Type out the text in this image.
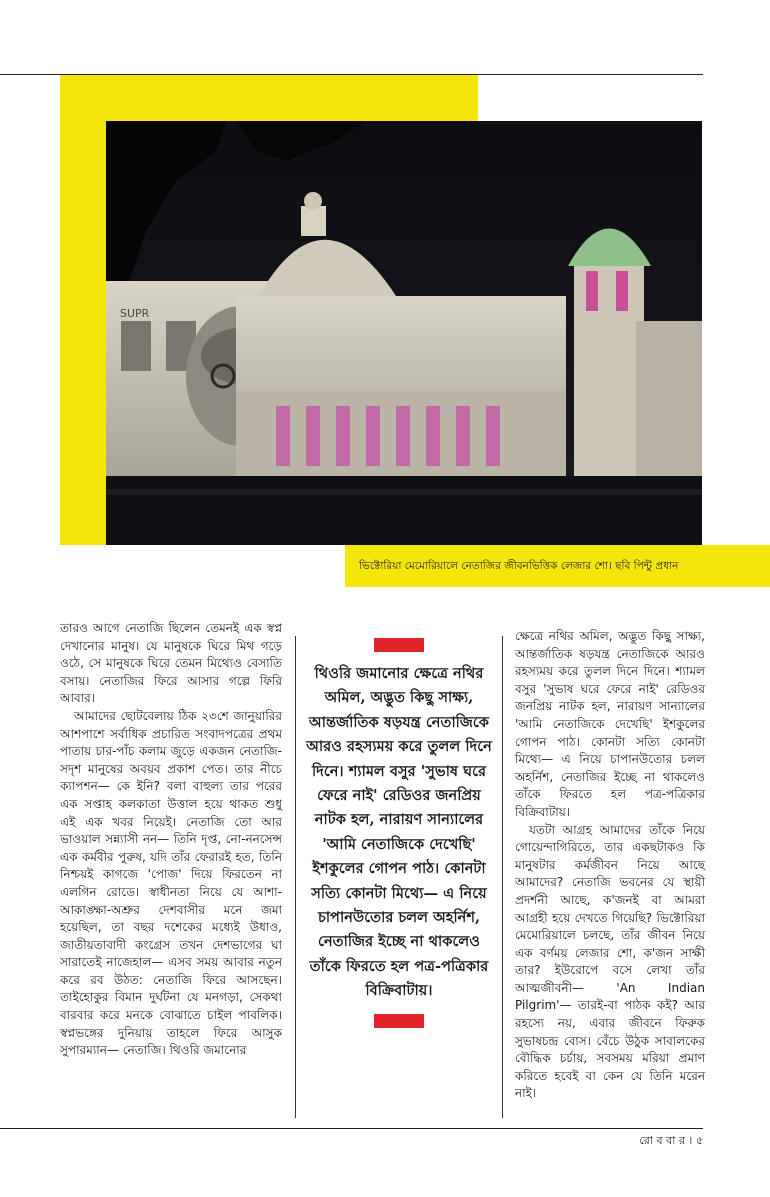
SUPR
ভিক্টোরিয়া মেমোরিয়ালে নেতাজির জীবনভিত্তিক লেজার শো। ছবি পিন্টু প্রধান

তারও আগে নেতাজি ছিলেন তেমনই এক স্বপ্ন দেখানোর মানুষ। যে মানুষকে ঘিরে মিথ গড়ে ওঠে, সে মানুষকে ঘিরে তেমন মিথ্যেও বেসাতি বসায়। নেতাজির ফিরে আসার গল্পে ফিরি আবার।

আমাদের ছোটবেলায় ঠিক ২৩শে জানুয়ারির আশপাশে সর্বাধিক প্রচারিত সংবাদপত্রের প্রথম পাতায় চার-পাঁচ কলাম জুড়ে একজন নেতাজি-সদৃশ মানুষের অবয়ব প্রকাশ পেত। তার নীচে ক্যাপশন— কে ইনি? বলা বাহুল্য তার পরের এক সপ্তাহ কলকাতা উত্তাল হয়ে থাকত শুধু এই এক খবর নিয়েই। নেতাজি তো আর ভাওয়াল সন্ন্যাসী নন— তিনি দৃপ্ত, নো-ননসেন্স এক কর্মবীর পুরুষ, যদি তাঁর ফেরারই হত, তিনি নিশ্চয়ই কাগজে 'পোজ' দিয়ে ফিরতেন না এলগিন রোডে। স্বাধীনতা নিয়ে যে আশা-আকাঙ্ক্ষা-অশ্রুর দেশবাসীর মনে জমা হয়েছিল, তা বছর দশেকের মধ্যেই উধাও, জাতীয়তাবাদী কংগ্রেস তখন দেশভাগের ঘা সারাতেই নাজেহাল— এসব সময় আবার নতুন করে রব উঠত: নেতাজি ফিরে আসছেন। তাইহোকুর বিমান দুর্ঘটনা যে মনগড়া, সেকথা বারবার করে মনকে বোঝাতে চাইল পাবলিক। স্বপ্নভঙ্গের দুনিয়ায় তাহলে ফিরে আসুক সুপারম্যান— নেতাজি। থিওরি জমানোর

থিওরি জমানোর ক্ষেত্রে নথির অমিল, অদ্ভুত কিছু সাক্ষ্য, আন্তর্জাতিক ষড়যন্ত্র নেতাজিকে আরও রহস্যময় করে তুলল দিনে দিনে। শ্যামল বসুর 'সুভাষ ঘরে ফেরে নাই' রেডিওর জনপ্রিয় নাটক হল, নারায়ণ সান্যালের 'আমি নেতাজিকে দেখেছি' ইশকুলের গোপন পাঠ। কোনটা সত্যি কোনটা মিথ্যে— এ নিয়ে চাপানউতোর চলল অহর্নিশ, নেতাজির ইচ্ছে না থাকলেও তাঁকে ফিরতে হল পত্র-পত্রিকার বিক্রিবাটায়।

ক্ষেত্রে নথির অমিল, অদ্ভুত কিছু সাক্ষ্য, আন্তর্জাতিক ষড়যন্ত্র নেতাজিকে আরও রহস্যময় করে তুলল দিনে দিনে। শ্যামল বসুর 'সুভাষ ঘরে ফেরে নাই' রেডিওর জনপ্রিয় নাটক হল, নারায়ণ সান্যালের 'আমি নেতাজিকে দেখেছি' ইশকুলের গোপন পাঠ। কোনটা সত্যি কোনটা মিথ্যে— এ নিয়ে চাপানউতোর চলল অহর্নিশ, নেতাজির ইচ্ছে না থাকলেও তাঁকে ফিরতে হল পত্র-পত্রিকার বিক্রিবাটায়।

যতটা আগ্রহ আমাদের তাঁকে নিয়ে গোয়েন্দাগিরিতে, তার একছটাকও কি মানুষটার কর্মজীবন নিয়ে আছে আমাদের? নেতাজি ভবনের যে স্থায়ী প্রদর্শনী আছে, ক'জনই বা আমরা আগ্রহী হয়ে দেখতে গিয়েছি? ভিক্টোরিয়া মেমোরিয়ালে চলছে, তাঁর জীবন নিয়ে এক বর্ণময় লেজার শো, ক'জন সাক্ষী তার? ইউরোপে বসে লেখা তাঁর আত্মজীবনী— 'An Indian Pilgrim'— তারই-বা পাঠক কই? আর রহস্যে নয়, এবার জীবনে ফিরুক সুভাষচন্দ্র বোস। বেঁচে উঠুক সাবালকের বৌদ্ধিক চর্চায়, সবসময় মরিয়া প্রমাণ করিতে হবেই বা কেন যে তিনি মরেন নাই।

রো ব বা র । ৫
